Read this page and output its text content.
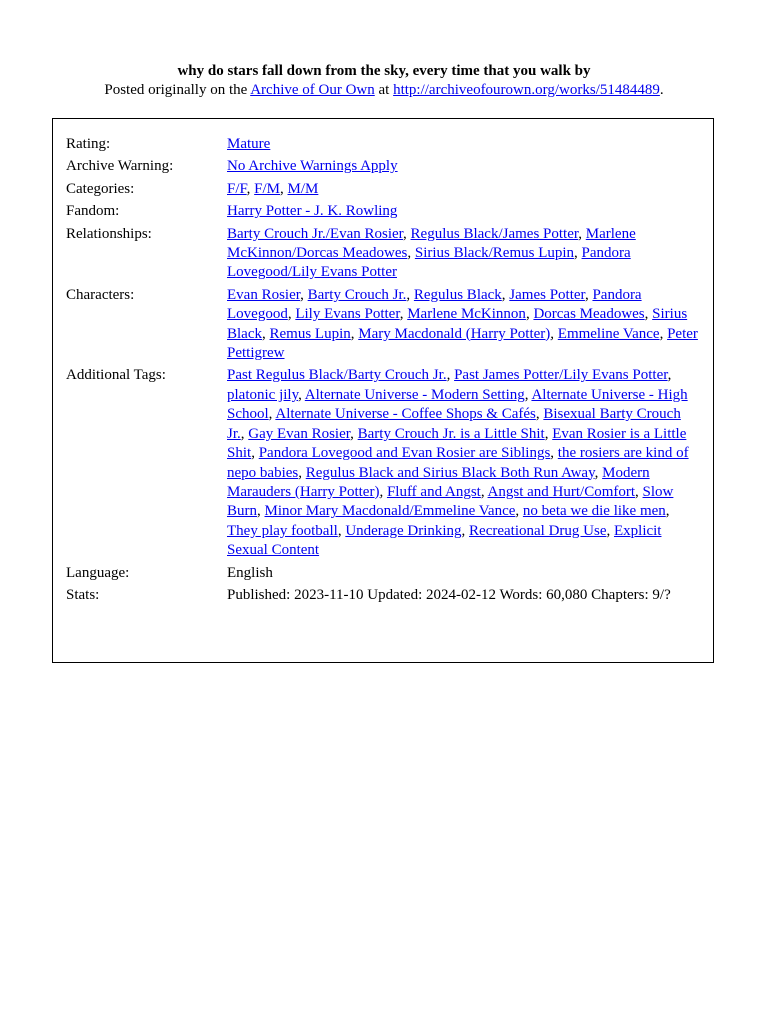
why do stars fall down from the sky, every time that you walk by
Posted originally on the Archive of Our Own at http://archiveofourown.org/works/51484489.
Rating:	Mature
Archive Warning:	No Archive Warnings Apply
Categories:	F/F, F/M, M/M
Fandom:	Harry Potter - J. K. Rowling
Relationships:	Barty Crouch Jr./Evan Rosier, Regulus Black/James Potter, Marlene McKinnon/Dorcas Meadowes, Sirius Black/Remus Lupin, Pandora Lovegood/Lily Evans Potter
Characters:	Evan Rosier, Barty Crouch Jr., Regulus Black, James Potter, Pandora Lovegood, Lily Evans Potter, Marlene McKinnon, Dorcas Meadowes, Sirius Black, Remus Lupin, Mary Macdonald (Harry Potter), Emmeline Vance, Peter Pettigrew
Additional Tags:	Past Regulus Black/Barty Crouch Jr., Past James Potter/Lily Evans Potter, platonic jily, Alternate Universe - Modern Setting, Alternate Universe - High School, Alternate Universe - Coffee Shops & Cafés, Bisexual Barty Crouch Jr., Gay Evan Rosier, Barty Crouch Jr. is a Little Shit, Evan Rosier is a Little Shit, Pandora Lovegood and Evan Rosier are Siblings, the rosiers are kind of nepo babies, Regulus Black and Sirius Black Both Run Away, Modern Marauders (Harry Potter), Fluff and Angst, Angst and Hurt/Comfort, Slow Burn, Minor Mary Macdonald/Emmeline Vance, no beta we die like men, They play football, Underage Drinking, Recreational Drug Use, Explicit Sexual Content
Language:	English
Stats:	Published: 2023-11-10 Updated: 2024-02-12 Words: 60,080 Chapters: 9/?
